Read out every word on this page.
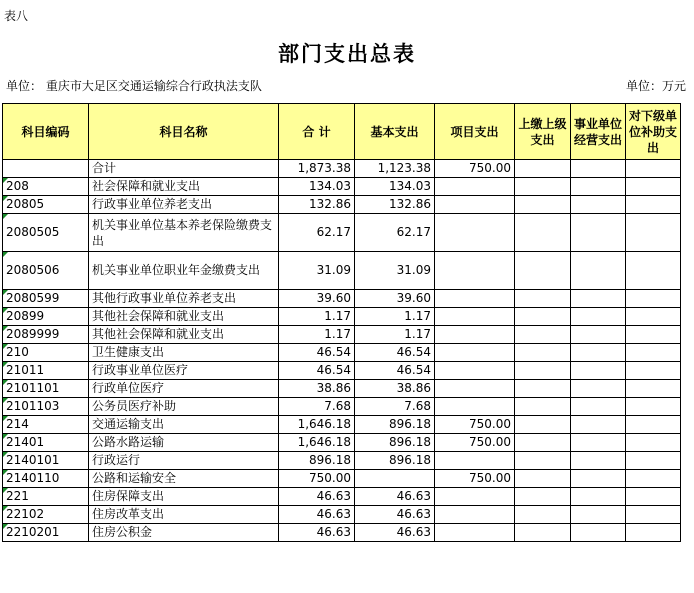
表八
部门支出总表
单位： 重庆市大足区交通运输综合行政执法支队	单位：万元
科目编码	科目名称	合 计	基本支出	项目支出	上缴上级支出	事业单位经营支出	对下级单位补助支出
	合计	1,873.38	1,123.38	750.00			
208	社会保障和就业支出	134.03	134.03				
20805	行政事业单位养老支出	132.86	132.86				
2080505	机关事业单位基本养老保险缴费支出	62.17	62.17				
2080506	机关事业单位职业年金缴费支出	31.09	31.09				
2080599	其他行政事业单位养老支出	39.60	39.60				
20899	其他社会保障和就业支出	1.17	1.17				
2089999	其他社会保障和就业支出	1.17	1.17				
210	卫生健康支出	46.54	46.54				
21011	行政事业单位医疗	46.54	46.54				
2101101	行政单位医疗	38.86	38.86				
2101103	公务员医疗补助	7.68	7.68				
214	交通运输支出	1,646.18	896.18	750.00			
21401	公路水路运输	1,646.18	896.18	750.00			
2140101	行政运行	896.18	896.18				
2140110	公路和运输安全	750.00		750.00			
221	住房保障支出	46.63	46.63				
22102	住房改革支出	46.63	46.63				
2210201	住房公积金	46.63	46.63				
